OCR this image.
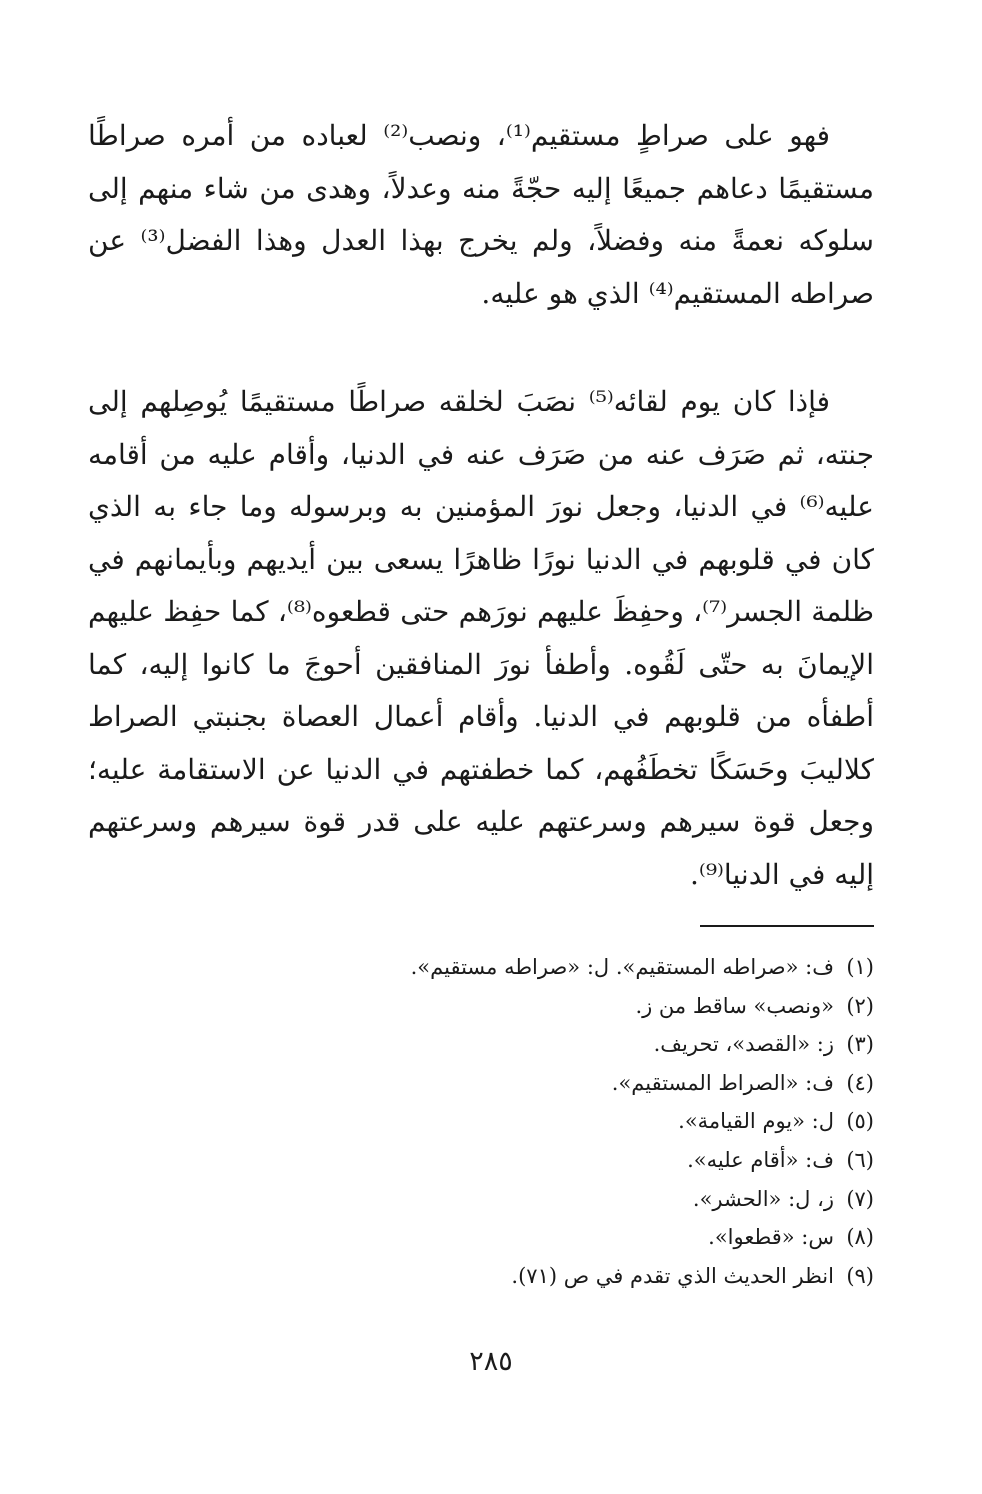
فهو على صراطٍ مستقيم⁽¹⁾، ونصب⁽²⁾ لعباده من أمره صراطًا مستقيمًا دعاهم جميعًا إليه حجّةً منه وعدلاً، وهدى من شاء منهم إلى سلوكه نعمةً منه وفضلاً، ولم يخرج بهذا العدل وهذا الفضل⁽³⁾ عن صراطه المستقيم⁽⁴⁾ الذي هو عليه.

فإذا كان يوم لقائه⁽⁵⁾ نصَبَ لخلقه صراطًا مستقيمًا يُوصِلهم إلى جنته، ثم صَرَف عنه من صَرَف عنه في الدنيا، وأقام عليه من أقامه عليه⁽⁶⁾ في الدنيا، وجعل نورَ المؤمنين به وبرسوله وما جاء به الذي كان في قلوبهم في الدنيا نورًا ظاهرًا يسعى بين أيديهم وبأيمانهم في ظلمة الجسر⁽⁷⁾، وحفِظَ عليهم نورَهم حتى قطعوه⁽⁸⁾، كما حفِظ عليهم الإيمانَ به حتّى لَقُوه. وأطفأ نورَ المنافقين أحوجَ ما كانوا إليه، كما أطفأه من قلوبهم في الدنيا. وأقام أعمال العصاة بجنبتي الصراط كلاليبَ وحَسَكًا تخطَفُهم، كما خطفتهم في الدنيا عن الاستقامة عليه؛ وجعل قوة سيرهم وسرعتهم عليه على قدر قوة سيرهم وسرعتهم إليه في الدنيا⁽⁹⁾.

(١)
ف: «صراطه المستقيم». ل: «صراطه مستقيم».
(٢)
«ونصب» ساقط من ز.
(٣)
ز: «القصد»، تحريف.
(٤)
ف: «الصراط المستقيم».
(٥)
ل: «يوم القيامة».
(٦)
ف: «أقام عليه».
(٧)
ز، ل: «الحشر».
(٨)
س: «قطعوا».
(٩)
انظر الحديث الذي تقدم في ص (٧١).
٢٨٥
